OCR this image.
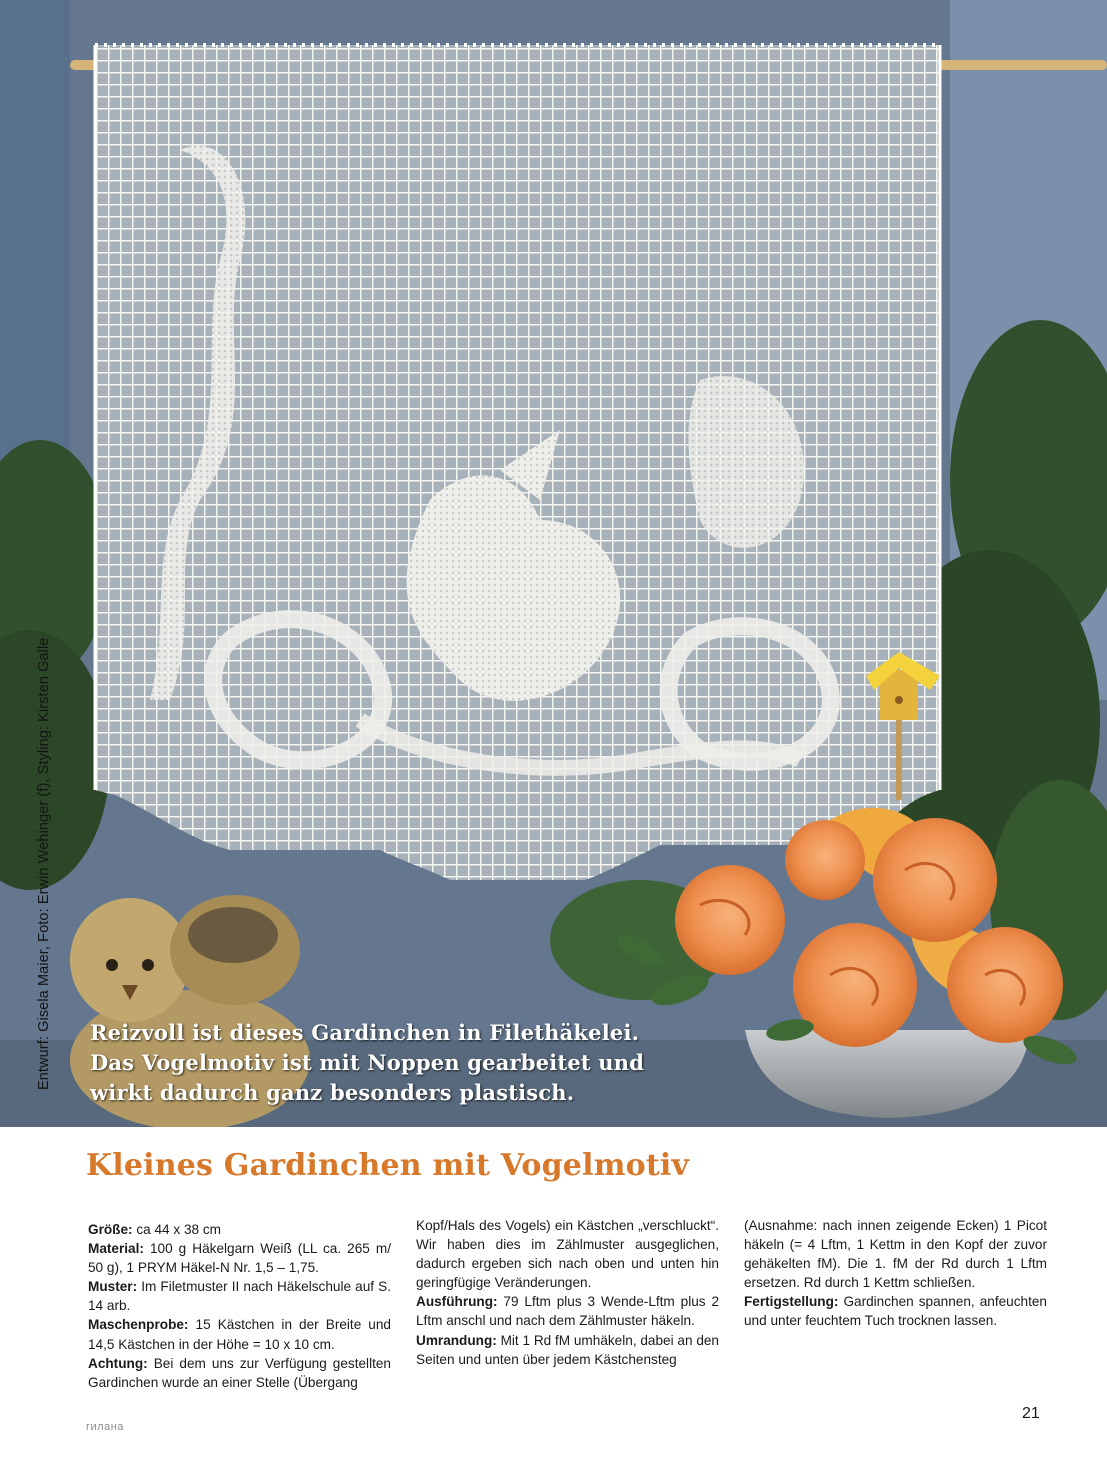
Entwurf: Gisela Maier, Foto: Erwin Wehinger (f), Styling: Kirsten Galle Reizvoll ist dieses Gardinchen in Filethäkelei.
Das Vogelmotiv ist mit Noppen gearbeitet und
wirkt dadurch ganz besonders plastisch.
Kleines Gardinchen mit Vogelmotiv

Größe: ca 44 x 38 cm

Material: 100 g Häkelgarn Weiß (LL ca. 265 m/ 50 g), 1 PRYM Häkel-N Nr. 1,5 – 1,75.

Muster: Im Filetmuster II nach Häkelschule auf S. 14 arb.

Maschenprobe: 15 Kästchen in der Breite und 14,5 Kästchen in der Höhe = 10 x 10 cm.

Achtung: Bei dem uns zur Verfügung gestellten Gardinchen wurde an einer Stelle (Übergang

Kopf/Hals des Vogels) ein Kästchen „verschluckt“. Wir haben dies im Zählmuster ausgeglichen, dadurch ergeben sich nach oben und unten hin geringfügige Veränderungen.

Ausführung: 79 Lftm plus 3 Wende-Lftm plus 2 Lftm anschl und nach dem Zählmuster häkeln.

Umrandung: Mit 1 Rd fM umhäkeln, dabei an den Seiten und unten über jedem Kästchensteg

(Ausnahme: nach innen zeigende Ecken) 1 Picot häkeln (= 4 Lftm, 1 Kettm in den Kopf der zuvor gehäkelten fM). Die 1. fM der Rd durch 1 Lftm ersetzen. Rd durch 1 Kettm schließen.

Fertigstellung: Gardinchen spannen, anfeuchten und unter feuchtem Tuch trocknen lassen.

21
гилана
